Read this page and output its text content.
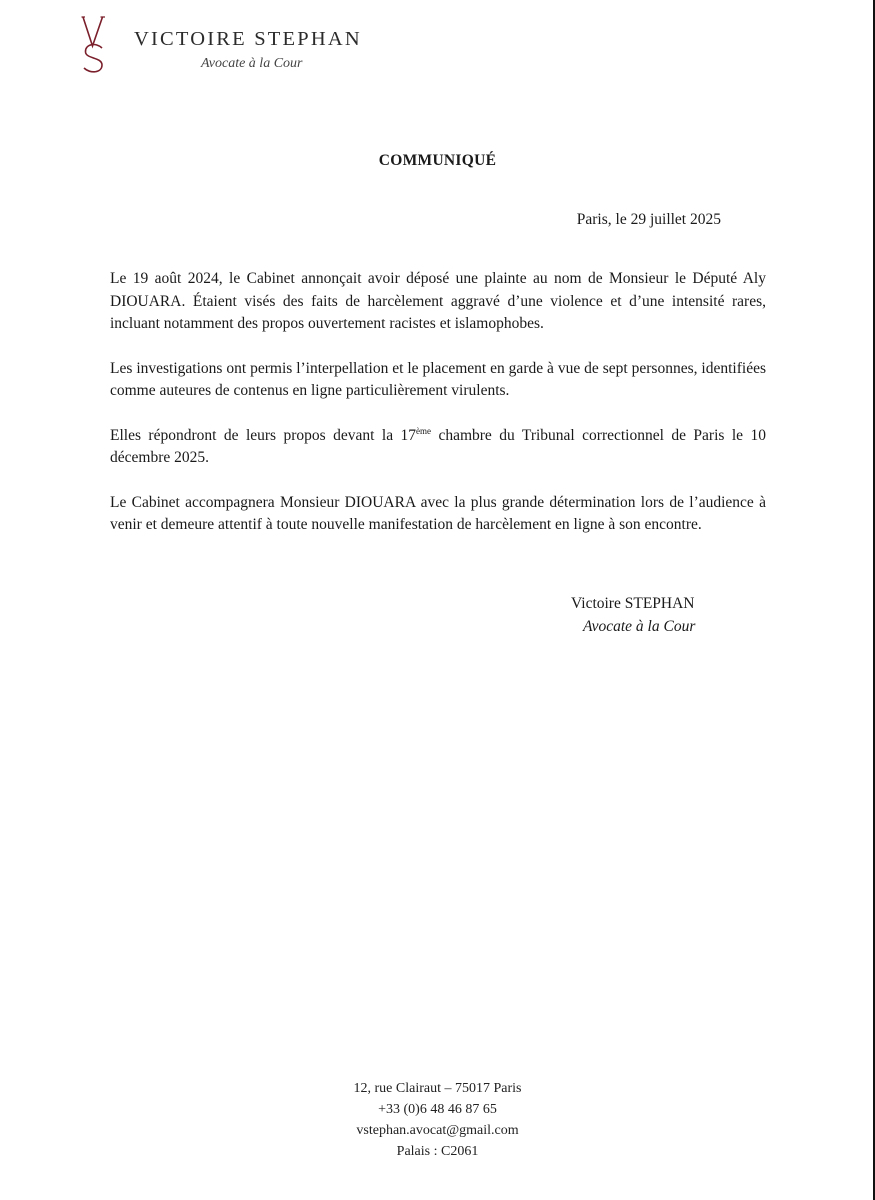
VICTOIRE STEPHAN
Avocate à la Cour
COMMUNIQUÉ
Paris, le 29 juillet 2025

Le 19 août 2024, le Cabinet annonçait avoir déposé une plainte au nom de Monsieur le Député Aly DIOUARA. Étaient visés des faits de harcèlement aggravé d’une violence et d’une intensité rares, incluant notamment des propos ouvertement racistes et islamophobes.

Les investigations ont permis l’interpellation et le placement en garde à vue de sept personnes, identifiées comme auteures de contenus en ligne particulièrement virulents.

Elles répondront de leurs propos devant la 17ème chambre du Tribunal correctionnel de Paris le 10 décembre 2025.

Le Cabinet accompagnera Monsieur DIOUARA avec la plus grande détermination lors de l’audience à venir et demeure attentif à toute nouvelle manifestation de harcèlement en ligne à son encontre.

Victoire STEPHAN
Avocate à la Cour
12, rue Clairaut – 75017 Paris
+33 (0)6 48 46 87 65
vstephan.avocat@gmail.com
Palais : C2061
